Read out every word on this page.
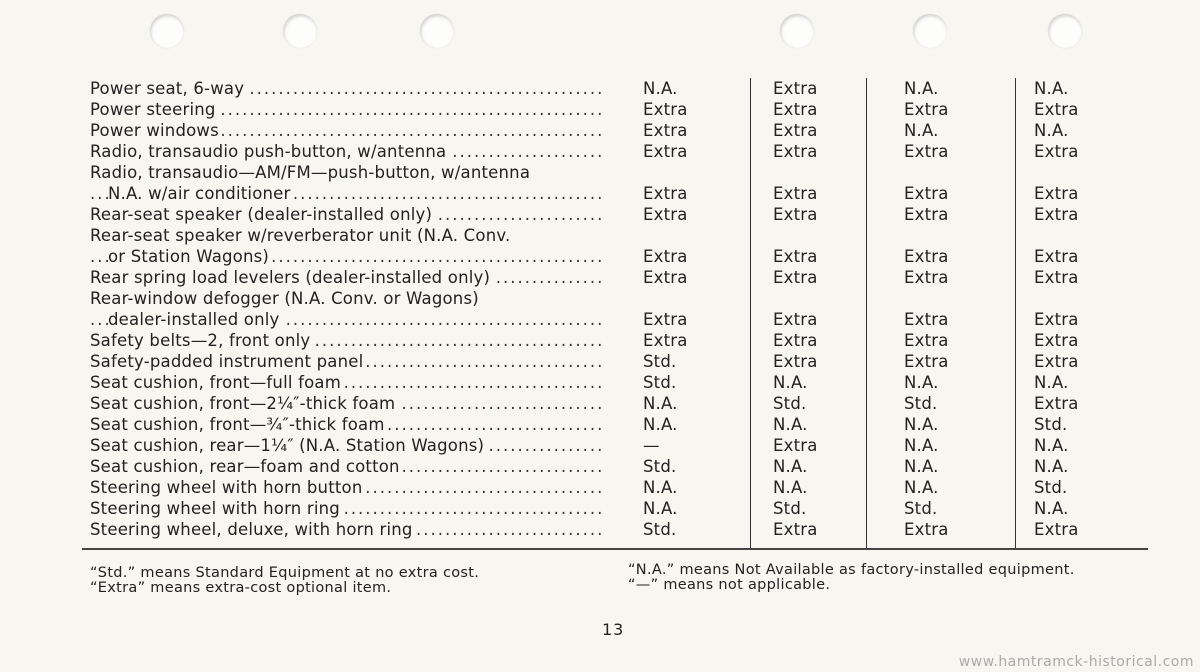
Power seat, 6-way .....	N.A.	Extra	N.A.	N.A.
Power steering .....	Extra	Extra	Extra	Extra
Power windows .....	Extra	Extra	N.A.	N.A.
Radio, transaudio push-button, w/antenna .....	Extra	Extra	Extra	Extra
Radio, transaudio—AM/FM—push-button, w/antenna
N.A. w/air conditioner .....	Extra	Extra	Extra	Extra
Rear-seat speaker (dealer-installed only) .....	Extra	Extra	Extra	Extra
Rear-seat speaker w/reverberator unit (N.A. Conv.
or Station Wagons) .....	Extra	Extra	Extra	Extra
Rear spring load levelers (dealer-installed only) .....	Extra	Extra	Extra	Extra
Rear-window defogger (N.A. Conv. or Wagons)
dealer-installed only .....	Extra	Extra	Extra	Extra
Safety belts—2, front only .....	Extra	Extra	Extra	Extra
Safety-padded instrument panel .....	Std.	Extra	Extra	Extra
Seat cushion, front—full foam .....	Std.	N.A.	N.A.	N.A.
Seat cushion, front—2¼″-thick foam .....	N.A.	Std.	Std.	Extra
Seat cushion, front—¾″-thick foam .....	N.A.	N.A.	N.A.	Std.
Seat cushion, rear—1¼″ (N.A. Station Wagons) .....	—	Extra	N.A.	N.A.
Seat cushion, rear—foam and cotton .....	Std.	N.A.	N.A.	N.A.
Steering wheel with horn button .....	N.A.	N.A.	N.A.	Std.
Steering wheel with horn ring .....	N.A.	Std.	Std.	N.A.
Steering wheel, deluxe, with horn ring .....	Std.	Extra	Extra	Extra
“Std.” means Standard Equipment at no extra cost.
“Extra” means extra-cost optional item.
“N.A.” means Not Available as factory-installed equipment.
“—” means not applicable.
13
www.hamtramck-historical.com
